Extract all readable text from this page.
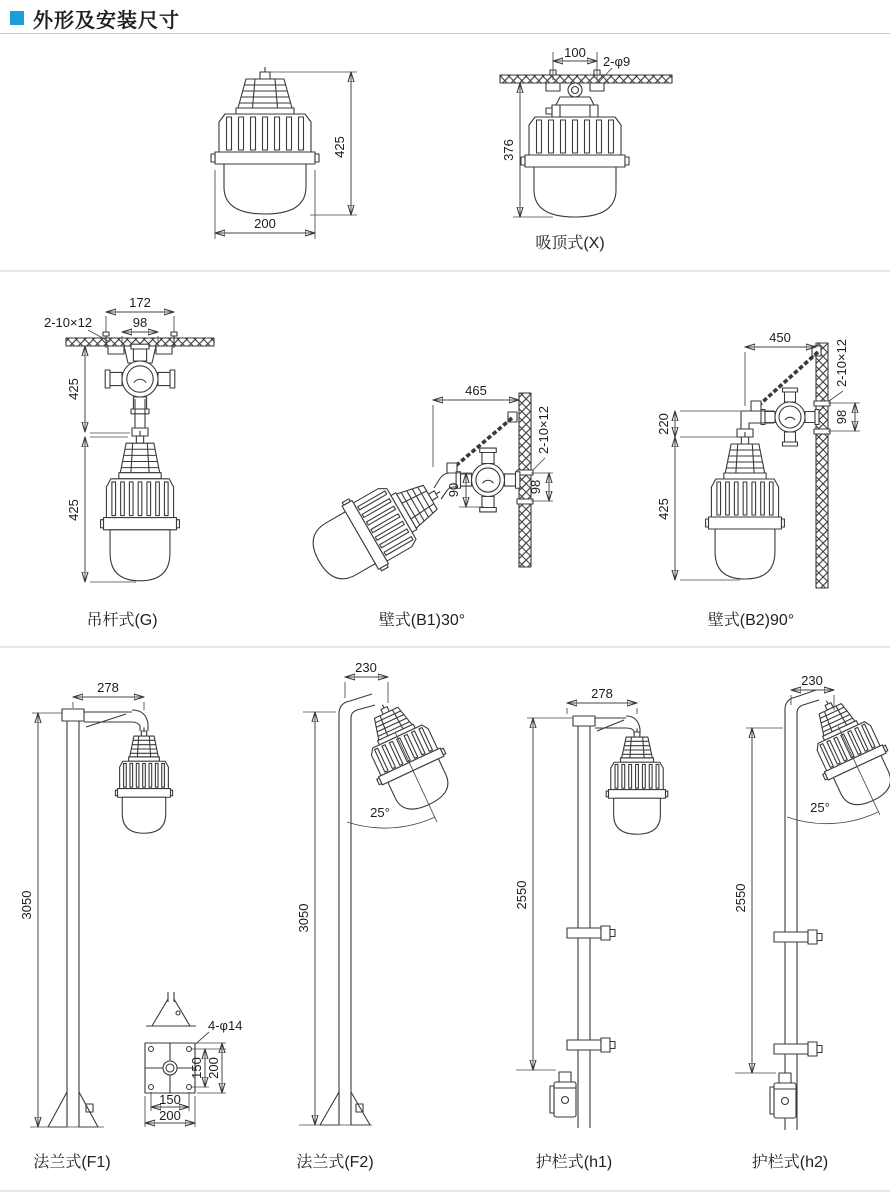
外形及安装尺寸
425
200
100
2-φ9
376
172
98
2-10×12
425
425
465
2-10×12
98
90
450
2-10×12
98
220
425
3050
278
4-φ14
150 200
150
200
25°
3050
230
2550
278
25°
2550
230
吸顶式(X)
吊杆式(G)	壁式(B1)30°	壁式(B2)90°
法兰式(F1)	法兰式(F2)	护栏式(h1)	护栏式(h2)
